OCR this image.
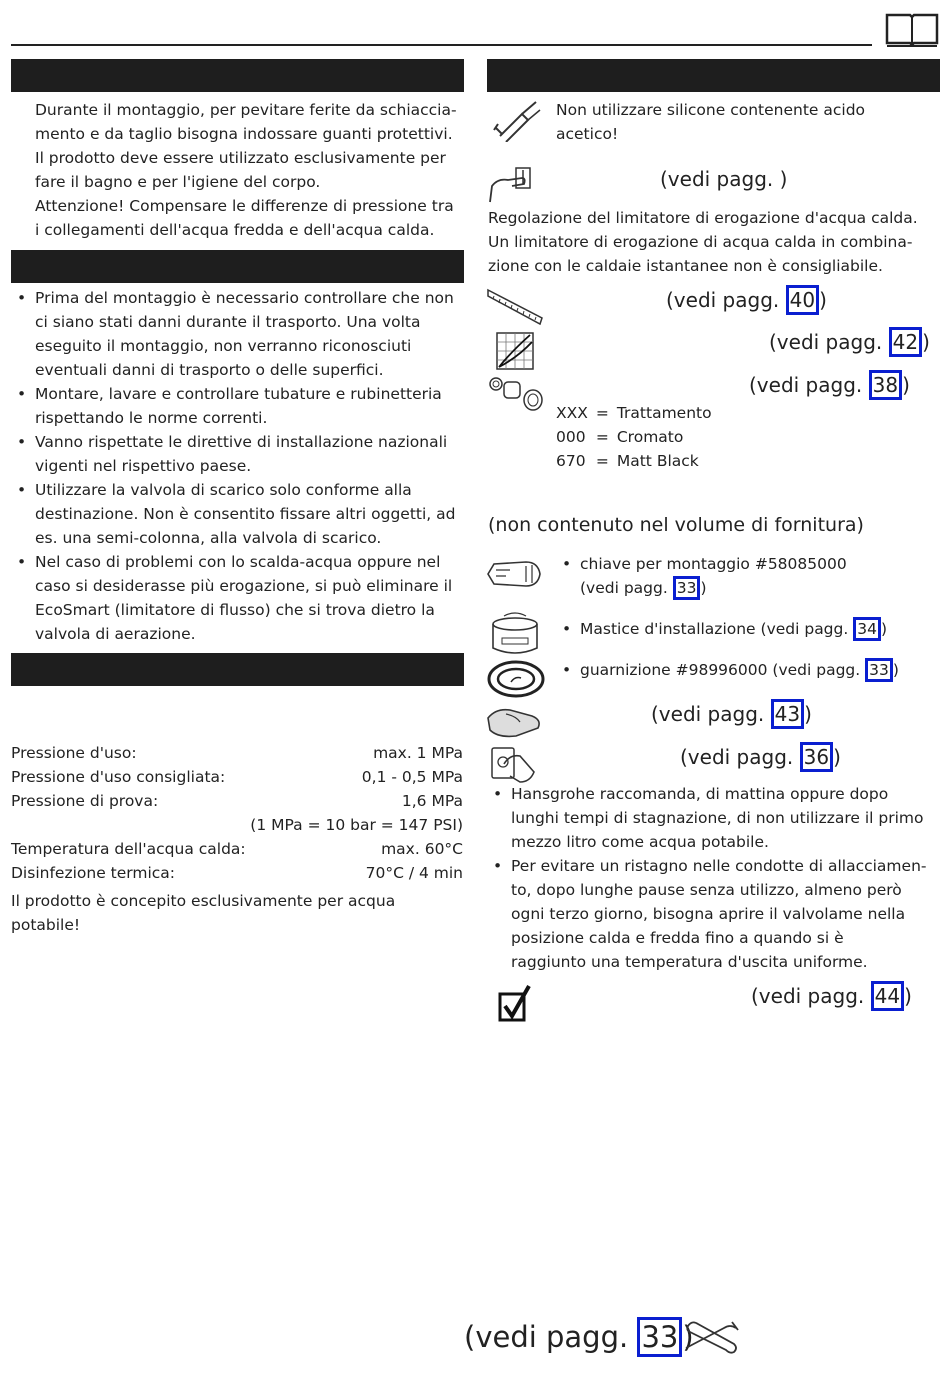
Durante il montaggio, per pevitare ferite da schiaccia-
mento e da taglio bisogna indossare guanti protettivi.
Il prodotto deve essere utilizzato esclusivamente per
fare il bagno e per l'igiene del corpo.
Attenzione! Compensare le differenze di pressione tra
i collegamenti dell'acqua fredda e dell'acqua calda.
• Prima del montaggio è necessario controllare che non
ci siano stati danni durante il trasporto. Una volta
eseguito il montaggio, non verranno riconosciuti
eventuali danni di trasporto o delle superfici.
• Montare, lavare e controllare tubature e rubinetteria
rispettando le norme correnti.
• Vanno rispettate le direttive di installazione nazionali
vigenti nel rispettivo paese.
• Utilizzare la valvola di scarico solo conforme alla
destinazione. Non è consentito fissare altri oggetti, ad
es. una semi-colonna, alla valvola di scarico.
• Nel caso di problemi con lo scalda-acqua oppure nel
caso si desiderasse più erogazione, si può eliminare il
EcoSmart (limitatore di flusso) che si trova dietro la
valvola di aerazione.
Pressione d'uso:	max. 1 MPa
Pressione d'uso consigliata:	0,1 - 0,5 MPa
Pressione di prova:	1,6 MPa
(1 MPa = 10 bar = 147 PSI)
Temperatura dell'acqua calda:	max. 60°C
Disinfezione termica:	70°C / 4 min
Il prodotto è concepito esclusivamente per acqua
potabile!
Non utilizzare silicone contenente acido
acetico!
(vedi pagg. )
Regolazione del limitatore di erogazione d'acqua calda.
Un limitatore di erogazione di acqua calda in combina-
zione con le caldaie istantanee non è consigliabile.
(vedi pagg. 40 )
(vedi pagg. 42 )
(vedi pagg. 38 )
XXX	=	Trattamento
000	=	Cromato
670	=	Matt Black
(non contenuto nel volume di fornitura)
• chiave per montaggio #58085000
(vedi pagg. 33 )
• Mastice d'installazione (vedi pagg. 34 )
• guarnizione #98996000 (vedi pagg. 33 )
(vedi pagg. 43 )
(vedi pagg. 36 )
• Hansgrohe raccomanda, di mattina oppure dopo
lunghi tempi di stagnazione, di non utilizzare il primo
mezzo litro come acqua potabile.
• Per evitare un ristagno nelle condotte di allacciamen-
to, dopo lunghe pause senza utilizzo, almeno però
ogni terzo giorno, bisogna aprire il valvolame nella
posizione calda e fredda fino a quando si è
raggiunto una temperatura d'uscita uniforme.
(vedi pagg. 44 )
(vedi pagg. 33 )
